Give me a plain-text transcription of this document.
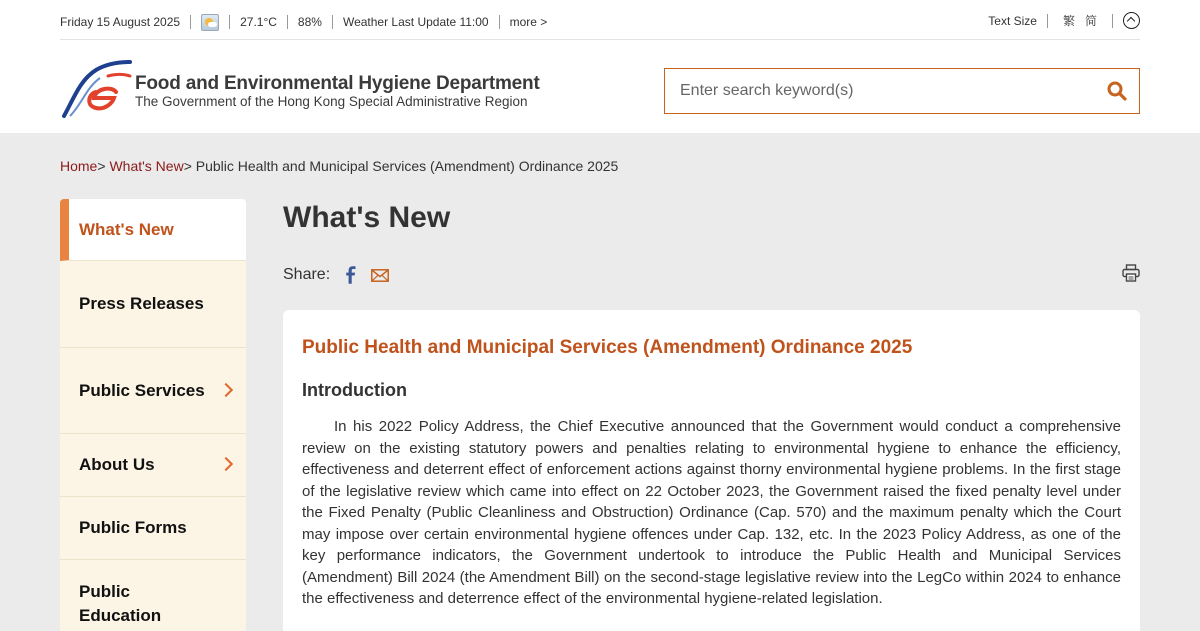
Friday 15 August 2025	27.1°C 88% Weather Last Update 11:00 more >	Text Size 繁 简
Food and Environmental Hygiene Department
The Government of the Hong Kong Special Administrative Region
Enter search keyword(s)
Home> What's New> Public Health and Municipal Services (Amendment) Ordinance 2025
What's New
Press Releases
Public Services
About Us
Public Forms
Public Education
What's New
Share:
Public Health and Municipal Services (Amendment) Ordinance 2025
Introduction

In his 2022 Policy Address, the Chief Executive announced that the Government would conduct a comprehensive review on the existing statutory powers and penalties relating to environmental hygiene to enhance the efficiency, effectiveness and deterrent effect of enforcement actions against thorny environmental hygiene problems. In the first stage of the legislative review which came into effect on 22 October 2023, the Government raised the fixed penalty level under the Fixed Penalty (Public Cleanliness and Obstruction) Ordinance (Cap. 570) and the maximum penalty which the Court may impose over certain environmental hygiene offences under Cap. 132, etc. In the 2023 Policy Address, as one of the key performance indicators, the Government undertook to introduce the Public Health and Municipal Services (Amendment) Bill 2024 (the Amendment Bill) on the second-stage legislative review into the LegCo within 2024 to enhance the effectiveness and deterrence effect of the environmental hygiene-related legislation.
